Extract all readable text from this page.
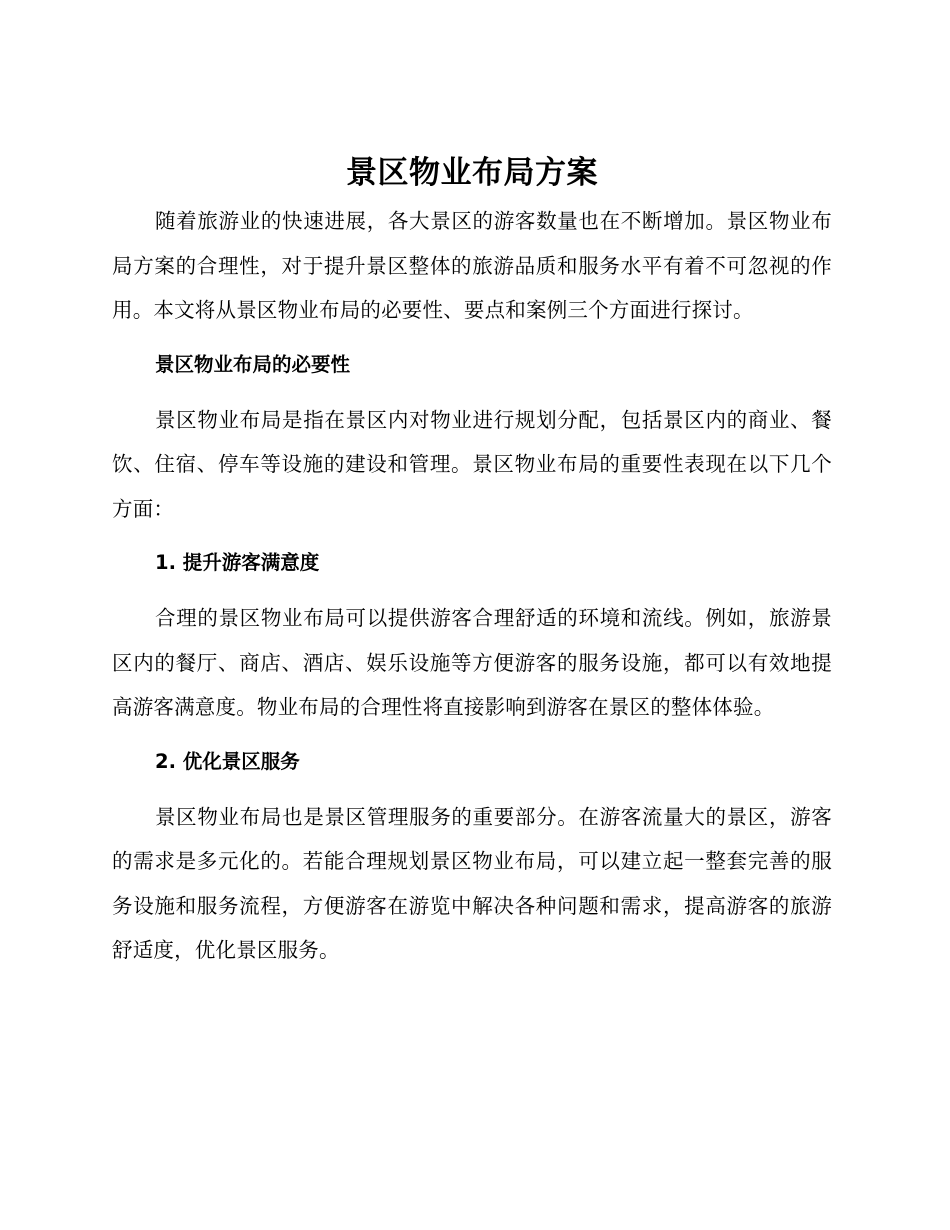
景区物业布局方案

随着旅游业的快速进展，各大景区的游客数量也在不断增加。景区物业布局方案的合理性，对于提升景区整体的旅游品质和服务水平有着不可忽视的作用。本文将从景区物业布局的必要性、要点和案例三个方面进行探讨。

景区物业布局的必要性

景区物业布局是指在景区内对物业进行规划分配，包括景区内的商业、餐饮、住宿、停车等设施的建设和管理。景区物业布局的重要性表现在以下几个方面：

1. 提升游客满意度

合理的景区物业布局可以提供游客合理舒适的环境和流线。例如，旅游景区内的餐厅、商店、酒店、娱乐设施等方便游客的服务设施，都可以有效地提高游客满意度。物业布局的合理性将直接影响到游客在景区的整体体验。

2. 优化景区服务

景区物业布局也是景区管理服务的重要部分。在游客流量大的景区，游客的需求是多元化的。若能合理规划景区物业布局，可以建立起一整套完善的服务设施和服务流程，方便游客在游览中解决各种问题和需求，提高游客的旅游舒适度，优化景区服务。
